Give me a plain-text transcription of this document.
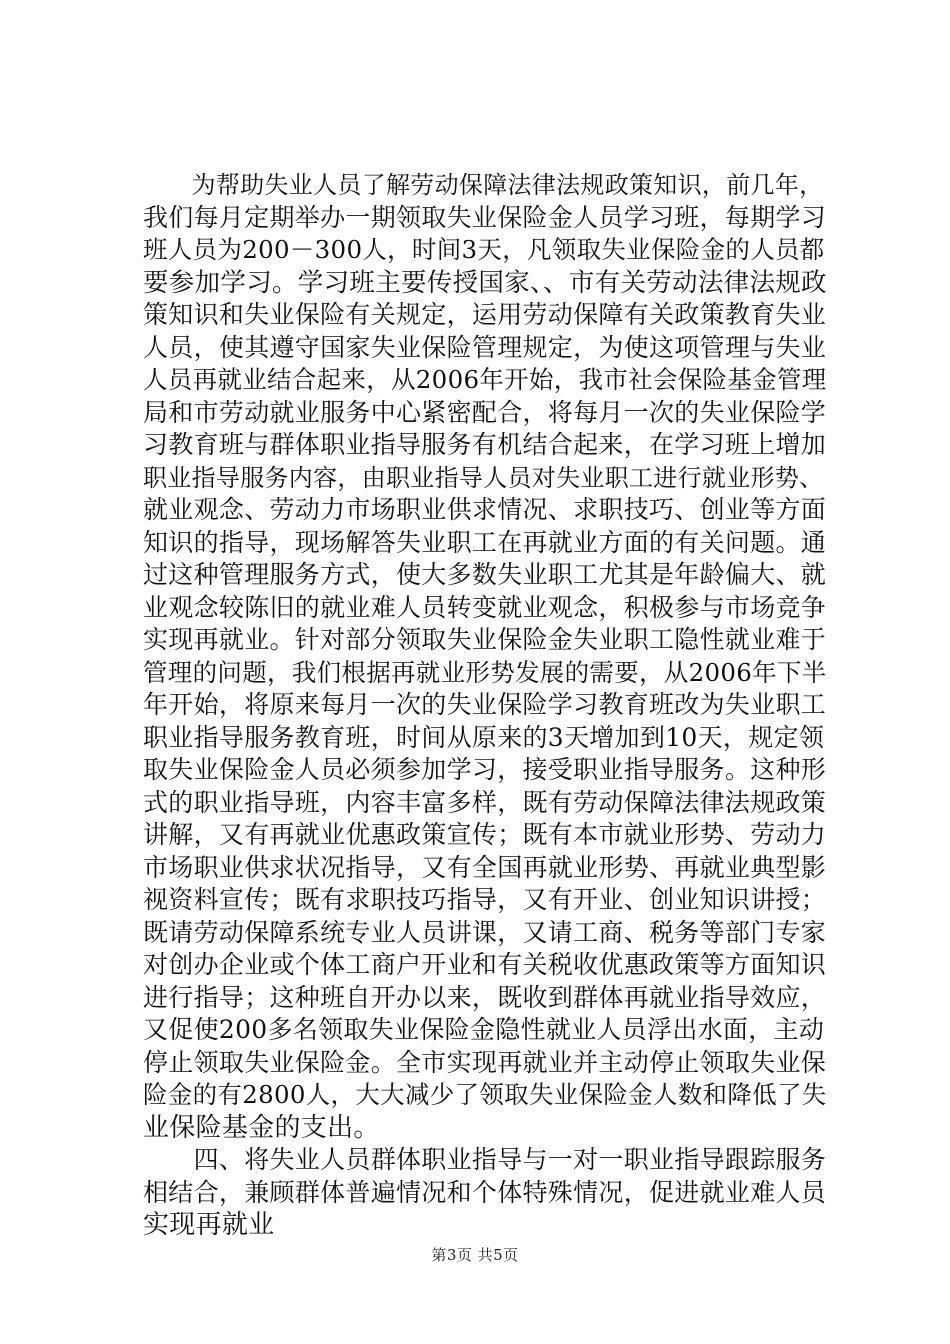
　　为帮助失业人员了解劳动保障法律法规政策知识，前几年，
我们每月定期举办一期领取失业保险金人员学习班，每期学习
班人员为200－300人，时间3天，凡领取失业保险金的人员都
要参加学习。学习班主要传授国家、、市有关劳动法律法规政
策知识和失业保险有关规定，运用劳动保障有关政策教育失业
人员，使其遵守国家失业保险管理规定，为使这项管理与失业
人员再就业结合起来，从2006年开始，我市社会保险基金管理
局和市劳动就业服务中心紧密配合，将每月一次的失业保险学
习教育班与群体职业指导服务有机结合起来，在学习班上增加
职业指导服务内容，由职业指导人员对失业职工进行就业形势、
就业观念、劳动力市场职业供求情况、求职技巧、创业等方面
知识的指导，现场解答失业职工在再就业方面的有关问题。通
过这种管理服务方式，使大多数失业职工尤其是年龄偏大、就
业观念较陈旧的就业难人员转变就业观念，积极参与市场竞争
实现再就业。针对部分领取失业保险金失业职工隐性就业难于
管理的问题，我们根据再就业形势发展的需要，从2006年下半
年开始，将原来每月一次的失业保险学习教育班改为失业职工
职业指导服务教育班，时间从原来的3天增加到10天，规定领
取失业保险金人员必须参加学习，接受职业指导服务。这种形
式的职业指导班，内容丰富多样，既有劳动保障法律法规政策
讲解，又有再就业优惠政策宣传；既有本市就业形势、劳动力
市场职业供求状况指导，又有全国再就业形势、再就业典型影
视资料宣传；既有求职技巧指导，又有开业、创业知识讲授；
既请劳动保障系统专业人员讲课，又请工商、税务等部门专家
对创办企业或个体工商户开业和有关税收优惠政策等方面知识
进行指导；这种班自开办以来，既收到群体再就业指导效应，
又促使200多名领取失业保险金隐性就业人员浮出水面，主动
停止领取失业保险金。全市实现再就业并主动停止领取失业保
险金的有2800人，大大减少了领取失业保险金人数和降低了失
业保险基金的支出。
　　四、将失业人员群体职业指导与一对一职业指导跟踪服务
相结合，兼顾群体普遍情况和个体特殊情况，促进就业难人员
实现再就业
第3页 共5页
